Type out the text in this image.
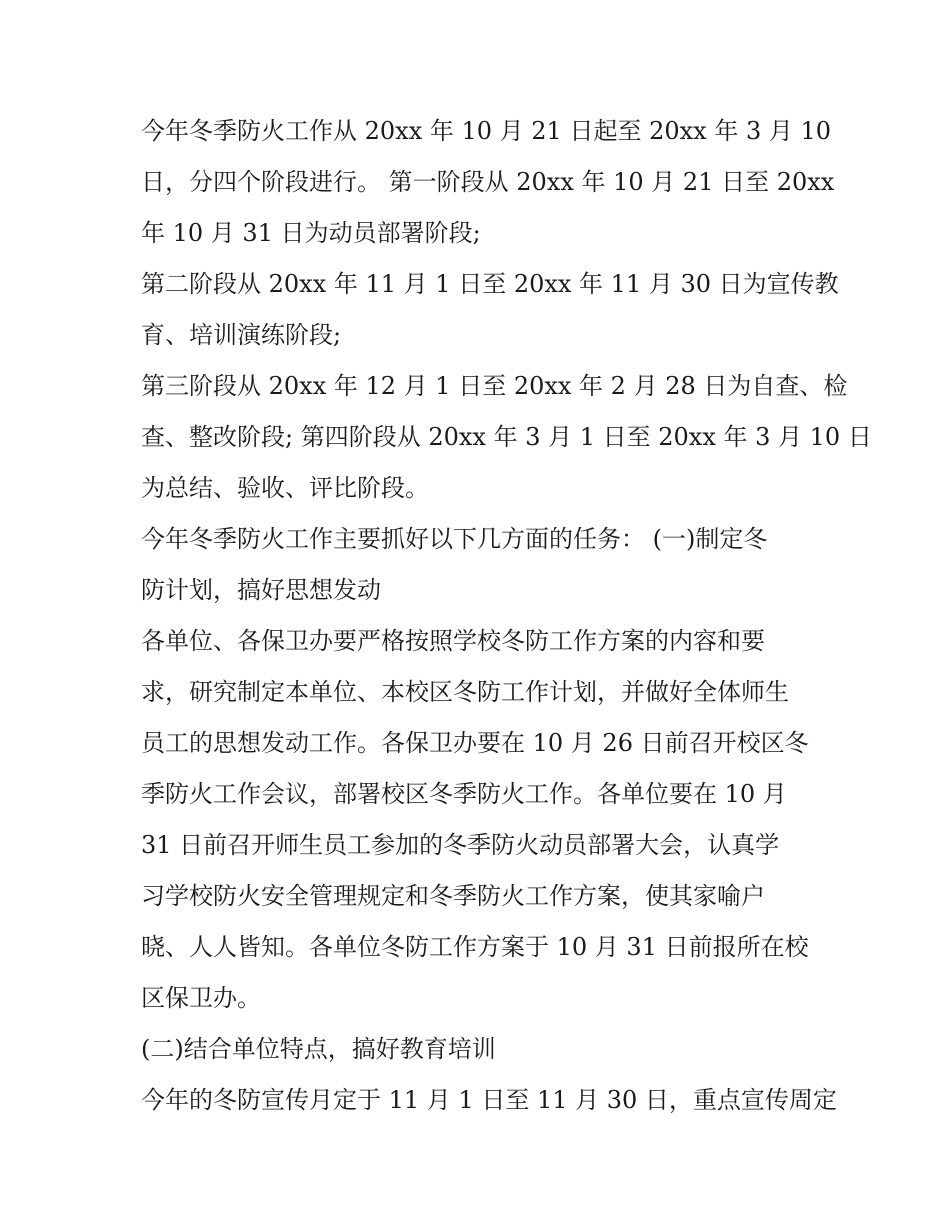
今年冬季防火工作从 20xx 年 10 月 21 日起至 20xx 年 3 月 10
日，分四个阶段进行。 第一阶段从 20xx 年 10 月 21 日至 20xx
年 10 月 31 日为动员部署阶段;
第二阶段从 20xx 年 11 月 1 日至 20xx 年 11 月 30 日为宣传教
育、培训演练阶段;
第三阶段从 20xx 年 12 月 1 日至 20xx 年 2 月 28 日为自查、检
查、整改阶段; 第四阶段从 20xx 年 3 月 1 日至 20xx 年 3 月 10 日
为总结、验收、评比阶段。
今年冬季防火工作主要抓好以下几方面的任务： (一)制定冬
防计划，搞好思想发动
各单位、各保卫办要严格按照学校冬防工作方案的内容和要
求，研究制定本单位、本校区冬防工作计划，并做好全体师生
员工的思想发动工作。各保卫办要在 10 月 26 日前召开校区冬
季防火工作会议，部署校区冬季防火工作。各单位要在 10 月
31 日前召开师生员工参加的冬季防火动员部署大会，认真学
习学校防火安全管理规定和冬季防火工作方案，使其家喻户
晓、人人皆知。各单位冬防工作方案于 10 月 31 日前报所在校
区保卫办。
(二)结合单位特点，搞好教育培训
今年的冬防宣传月定于 11 月 1 日至 11 月 30 日，重点宣传周定
